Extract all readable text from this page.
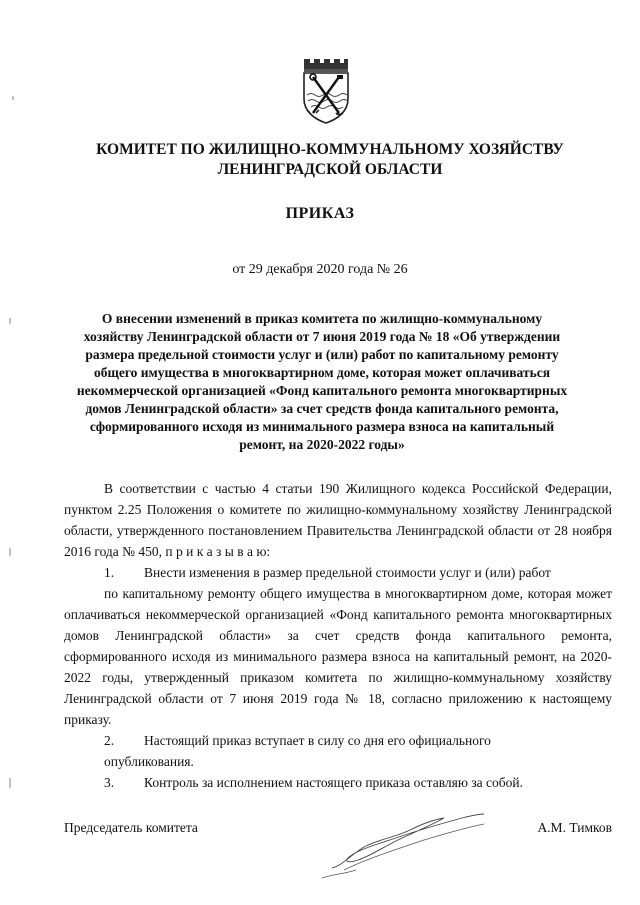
КОМИТЕТ ПО ЖИЛИЩНО-КОММУНАЛЬНОМУ ХОЗЯЙСТВУ
ЛЕНИНГРАДСКОЙ ОБЛАСТИ
ПРИКАЗ
от 29 декабря 2020 года № 26
О внесении изменений в приказ комитета по жилищно-коммунальному хозяйству Ленинградской области от 7 июня 2019 года № 18 «Об утверждении размера предельной стоимости услуг и (или) работ по капитальному ремонту общего имущества в многоквартирном доме, которая может оплачиваться некоммерческой организацией «Фонд капитального ремонта многоквартирных домов Ленинградской области» за счет средств фонда капитального ремонта, сформированного исходя из минимального размера взноса на капитальный ремонт, на 2020-2022 годы»

В соответствии с частью 4 статьи 190 Жилищного кодекса Российской Федерации, пунктом 2.25 Положения о комитете по жилищно-коммунальному хозяйству Ленинградской области, утвержденного постановлением Правительства Ленинградской области от 28 ноября 2016 года № 450, п р и к а з ы в а ю:

1.	Внести изменения в размер предельной стоимости услуг и (или) работ

по капитальному ремонту общего имущества в многоквартирном доме, которая может оплачиваться некоммерческой организацией «Фонд капитального ремонта многоквартирных домов Ленинградской области» за счет средств фонда капитального ремонта, сформированного исходя из минимального размера взноса на капитальный ремонт, на 2020-2022 годы, утвержденный приказом комитета по жилищно-коммунальному хозяйству Ленинградской области от 7 июня 2019 года № 18, согласно приложению к настоящему приказу.

2.	Настоящий приказ вступает в силу со дня его официального

опубликования.

3.	Контроль за исполнением настоящего приказа оставляю за собой.
Председатель комитета	А.М. Тимков
